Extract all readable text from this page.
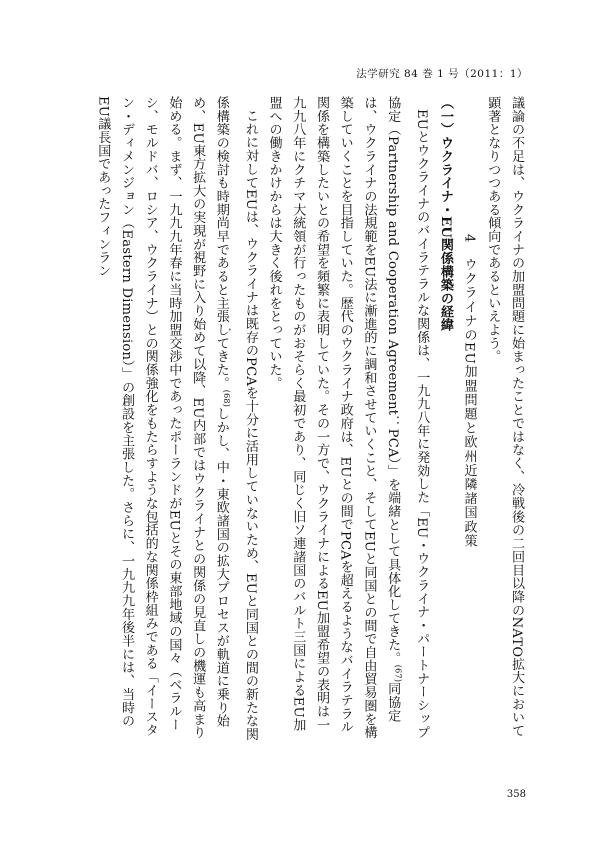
法学研究 84 巻 1 号（2011：1）

議論の不足は、ウクライナの加盟問題に始まったことではなく、冷戦後の二回目以降のNATO拡大において顕著となりつつある傾向であるといえよう。

4　ウクライナのEU加盟問題と欧州近隣諸国政策

（一）ウクライナ・EU関係構築の経緯

EUとウクライナのバイラテラルな関係は、一九九八年に発効した「EU・ウクライナ・パートナーシップ協定（Partnership and Cooperation Agreement：PCA）」を端緒として具体化してきた。$^{(67)}$同協定は、ウクライナの法規範をEU法に漸進的に調和させていくこと、そしてEUと同国との間で自由貿易圏を構築していくことを目指していた。歴代のウクライナ政府は、EUとの間でPCAを超えるようなバイラテラル関係を構築したいとの希望を頻繁に表明していた。その一方で、ウクライナによるEU加盟希望の表明は一九九八年にクチマ大統領が行ったものがおそらく最初であり、同じく旧ソ連諸国のバルト三国によるEU加盟への働きかけからは大きく後れをとっていた。

これに対してEUは、ウクライナは既存のPCAを十分に活用していないため、EUと同国との間の新たな関係構築の検討も時期尚早であると主張してきた。$^{(68)}$しかし、中・東欧諸国の拡大プロセスが軌道に乗り始め、EU東方拡大の実現が視野に入り始めて以降、EU内部ではウクライナとの関係の見直しの機運も高まり始める。まず、一九九九年春に当時加盟交渉中であったポーランドがEUとその東部地域の国々（ベラルーシ、モルドバ、ロシア、ウクライナ）との関係強化をもたらすような包括的な関係枠組みである「イースタン・ディメンジョン（Eastern Dimension）」の創設を主張した。さらに、一九九九年後半には、当時のEU議長国であったフィンラン

•
358
